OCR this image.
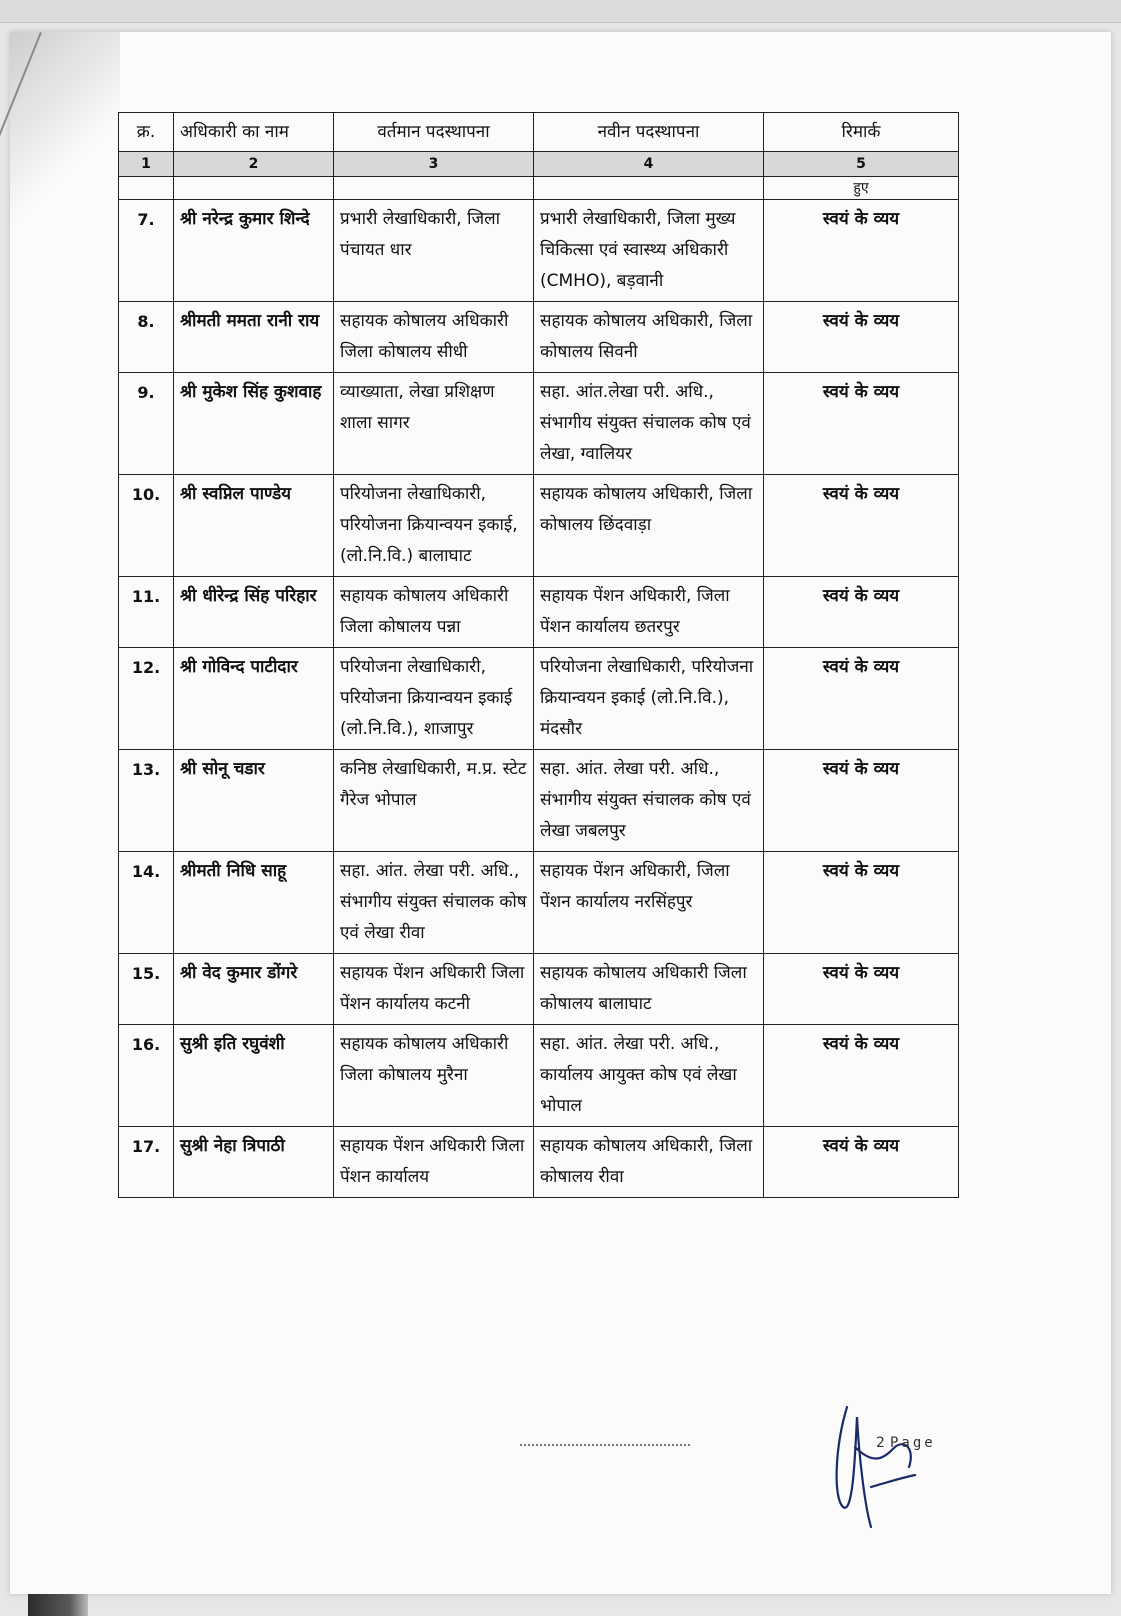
क्र.	अधिकारी का नाम	वर्तमान पदस्थापना	नवीन पदस्थापना	रिमार्क
1	2	3	4	5
				हुए
7.	श्री नरेन्द्र कुमार शिन्दे	प्रभारी लेखाधिकारी, जिला पंचायत धार	प्रभारी लेखाधिकारी, जिला मुख्य चिकित्सा एवं स्वास्थ्य अधिकारी (CMHO), बड़वानी	स्वयं के व्यय
8.	श्रीमती ममता रानी राय	सहायक कोषालय अधिकारी जिला कोषालय सीधी	सहायक कोषालय अधिकारी, जिला कोषालय सिवनी	स्वयं के व्यय
9.	श्री मुकेश सिंह कुशवाह	व्याख्याता, लेखा प्रशिक्षण शाला सागर	सहा. आंत.लेखा परी. अधि., संभागीय संयुक्त संचालक कोष एवं लेखा, ग्वालियर	स्वयं के व्यय
10.	श्री स्वप्निल पाण्डेय	परियोजना लेखाधिकारी, परियोजना क्रियान्वयन इकाई, (लो.नि.वि.) बालाघाट	सहायक कोषालय अधिकारी, जिला कोषालय छिंदवाड़ा	स्वयं के व्यय
11.	श्री धीरेन्द्र सिंह परिहार	सहायक कोषालय अधिकारी जिला कोषालय पन्ना	सहायक पेंशन अधिकारी, जिला पेंशन कार्यालय छतरपुर	स्वयं के व्यय
12.	श्री गोविन्द पाटीदार	परियोजना लेखाधिकारी, परियोजना क्रियान्वयन इकाई (लो.नि.वि.), शाजापुर	परियोजना लेखाधिकारी, परियोजना क्रियान्वयन इकाई (लो.नि.वि.), मंदसौर	स्वयं के व्यय
13.	श्री सोनू चडार	कनिष्ठ लेखाधिकारी, म.प्र. स्टेट गैरेज भोपाल	सहा. आंत. लेखा परी. अधि., संभागीय संयुक्त संचालक कोष एवं लेखा जबलपुर	स्वयं के व्यय
14.	श्रीमती निधि साहू	सहा. आंत. लेखा परी. अधि., संभागीय संयुक्त संचालक कोष एवं लेखा रीवा	सहायक पेंशन अधिकारी, जिला पेंशन कार्यालय नरसिंहपुर	स्वयं के व्यय
15.	श्री वेद कुमार डोंगरे	सहायक पेंशन अधिकारी जिला पेंशन कार्यालय कटनी	सहायक कोषालय अधिकारी जिला कोषालय बालाघाट	स्वयं के व्यय
16.	सुश्री इति रघुवंशी	सहायक कोषालय अधिकारी जिला कोषालय मुरैना	सहा. आंत. लेखा परी. अधि., कार्यालय आयुक्त कोष एवं लेखा भोपाल	स्वयं के व्यय
17.	सुश्री नेहा त्रिपाठी	सहायक पेंशन अधिकारी जिला पेंशन कार्यालय	सहायक कोषालय अधिकारी, जिला कोषालय रीवा	स्वयं के व्यय
2 Page
